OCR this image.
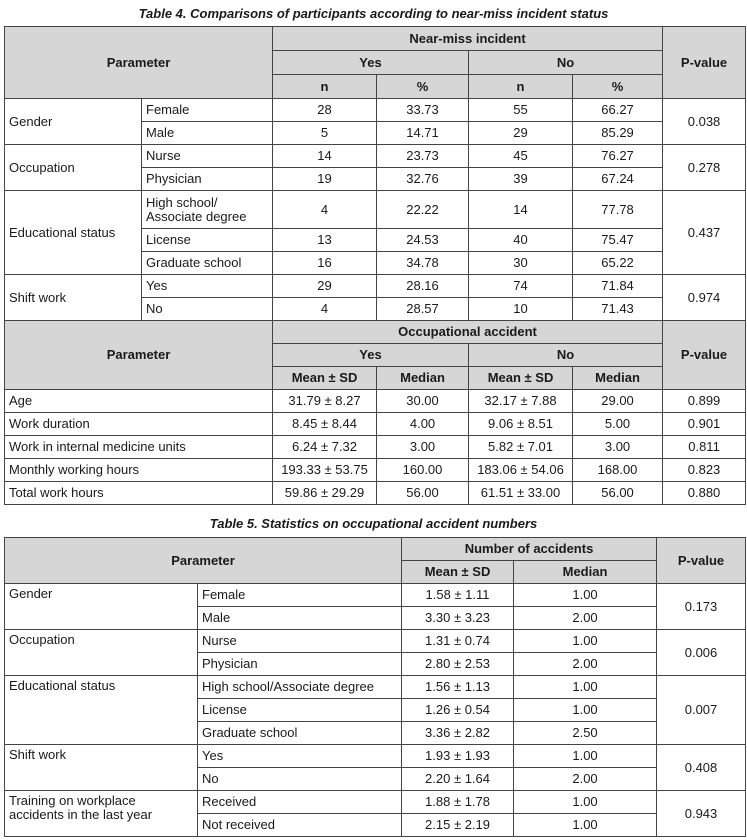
Table 4. Comparisons of participants according to near-miss incident status
Parameter		Near-miss incident				P-value
		Yes		No		
		n	%	n	%	
Gender	Female	28	33.73	55	66.27	0.038
	Male	5	14.71	29	85.29	
Occupation	Nurse	14	23.73	45	76.27	0.278
	Physician	19	32.76	39	67.24	
Educational status	High school/ Associate degree	4	22.22	14	77.78	0.437
	License	13	24.53	40	75.47	
	Graduate school	16	34.78	30	65.22	
Shift work	Yes	29	28.16	74	71.84	0.974
	No	4	28.57	10	71.43	
Parameter		Occupational accident				P-value
		Yes		No		
		Mean ± SD	Median	Mean ± SD	Median	
Age		31.79 ± 8.27	30.00	32.17 ± 7.88	29.00	0.899
Work duration		8.45 ± 8.44	4.00	9.06 ± 8.51	5.00	0.901
Work in internal medicine units		6.24 ± 7.32	3.00	5.82 ± 7.01	3.00	0.811
Monthly working hours		193.33 ± 53.75	160.00	183.06 ± 54.06	168.00	0.823
Total work hours		59.86 ± 29.29	56.00	61.51 ± 33.00	56.00	0.880
Table 5. Statistics on occupational accident numbers
Parameter		Number of accidents		P-value
		Mean ± SD	Median	
Gender	Female	1.58 ± 1.11	1.00	0.173
	Male	3.30 ± 3.23	2.00	
Occupation	Nurse	1.31 ± 0.74	1.00	0.006
	Physician	2.80 ± 2.53	2.00	
Educational status	High school/Associate degree	1.56 ± 1.13	1.00	0.007
	License	1.26 ± 0.54	1.00	
	Graduate school	3.36 ± 2.82	2.50	
Shift work	Yes	1.93 ± 1.93	1.00	0.408
	No	2.20 ± 1.64	2.00	
Training on workplace accidents in the last year	Received	1.88 ± 1.78	1.00	0.943
	Not received	2.15 ± 2.19	1.00	
